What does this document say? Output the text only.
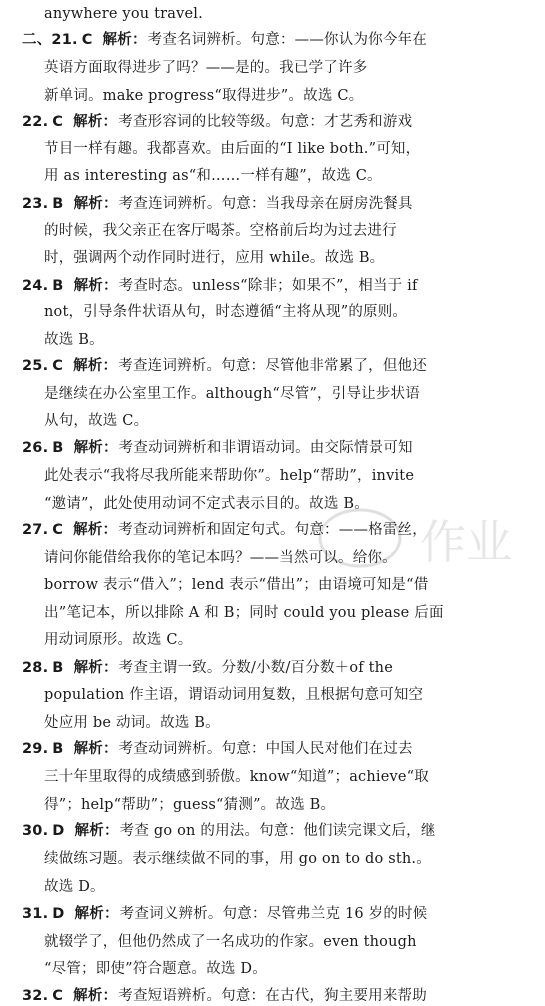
anywhere you travel.
二、21. C 解析：考查名词辨析。句意：——你认为你今年在
英语方面取得进步了吗？——是的。我已学了许多
新单词。make progress“取得进步”。故选 C。
22. C 解析：考查形容词的比较等级。句意：才艺秀和游戏
节目一样有趣。我都喜欢。由后面的“I like both.”可知，
用 as interesting as“和……一样有趣”，故选 C。
23. B 解析：考查连词辨析。句意：当我母亲在厨房洗餐具
的时候，我父亲正在客厅喝茶。空格前后均为过去进行
时，强调两个动作同时进行，应用 while。故选 B。
24. B 解析：考查时态。unless“除非；如果不”，相当于 if
not，引导条件状语从句，时态遵循“主将从现”的原则。
故选 B。
25. C 解析：考查连词辨析。句意：尽管他非常累了，但他还
是继续在办公室里工作。although“尽管”，引导让步状语
从句，故选 C。
26. B 解析：考查动词辨析和非谓语动词。由交际情景可知
此处表示“我将尽我所能来帮助你”。help“帮助”，invite
“邀请”，此处使用动词不定式表示目的。故选 B。
27. C 解析：考查动词辨析和固定句式。句意：——格雷丝，
请问你能借给我你的笔记本吗？——当然可以。给你。
borrow 表示“借入”；lend 表示“借出”；由语境可知是“借
出”笔记本，所以排除 A 和 B；同时 could you please 后面
用动词原形。故选 C。
28. B 解析：考查主谓一致。分数/小数/百分数＋of the
population 作主语，谓语动词用复数，且根据句意可知空
处应用 be 动词。故选 B。
29. B 解析：考查动词辨析。句意：中国人民对他们在过去
三十年里取得的成绩感到骄傲。know“知道”；achieve“取
得”；help“帮助”；guess“猜测”。故选 B。
30. D 解析：考查 go on 的用法。句意：他们读完课文后，继
续做练习题。表示继续做不同的事，用 go on to do sth.。
故选 D。
31. D 解析：考查词义辨析。句意：尽管弗兰克 16 岁的时候
就辍学了，但他仍然成了一名成功的作家。even though
“尽管；即使”符合题意。故选 D。
32. C 解析：考查短语辨析。句意：在古代，狗主要用来帮助
作业
